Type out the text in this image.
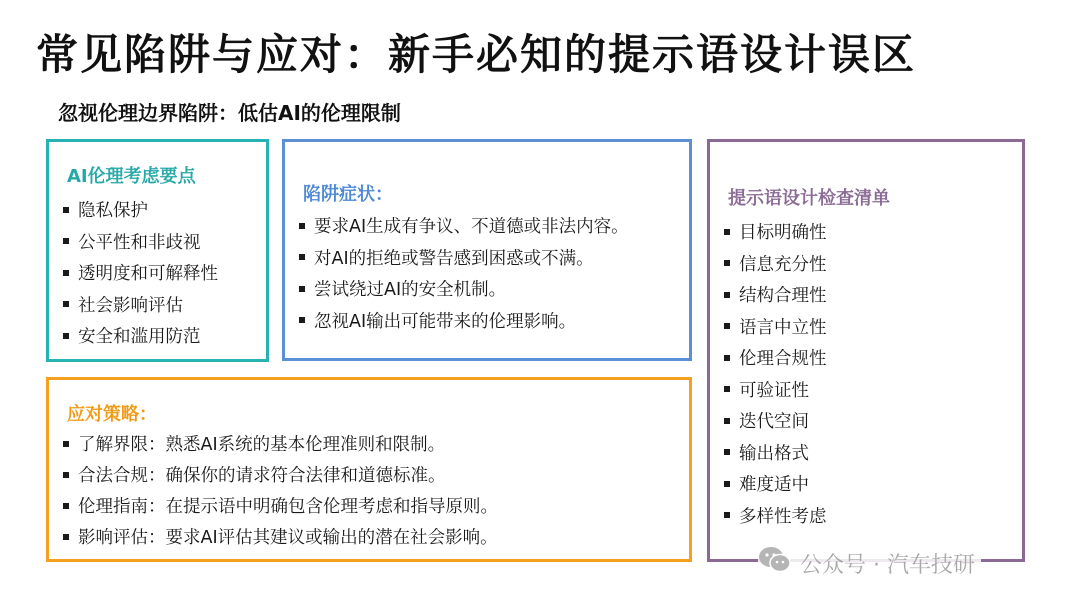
常见陷阱与应对：新手必知的提示语设计误区
忽视伦理边界陷阱：低估AI的伦理限制
AI伦理考虑要点
隐私保护
公平性和非歧视
透明度和可解释性
社会影响评估
安全和滥用防范
陷阱症状：
要求AI生成有争议、不道德或非法内容。
对AI的拒绝或警告感到困惑或不满。
尝试绕过AI的安全机制。
忽视AI输出可能带来的伦理影响。
应对策略：
了解界限：熟悉AI系统的基本伦理准则和限制。
合法合规：确保你的请求符合法律和道德标准。
伦理指南：在提示语中明确包含伦理考虑和指导原则。
影响评估：要求AI评估其建议或输出的潜在社会影响。
提示语设计检查清单
目标明确性
信息充分性
结构合理性
语言中立性
伦理合规性
可验证性
迭代空间
输出格式
难度适中
多样性考虑
公众号 · 汽车技研
